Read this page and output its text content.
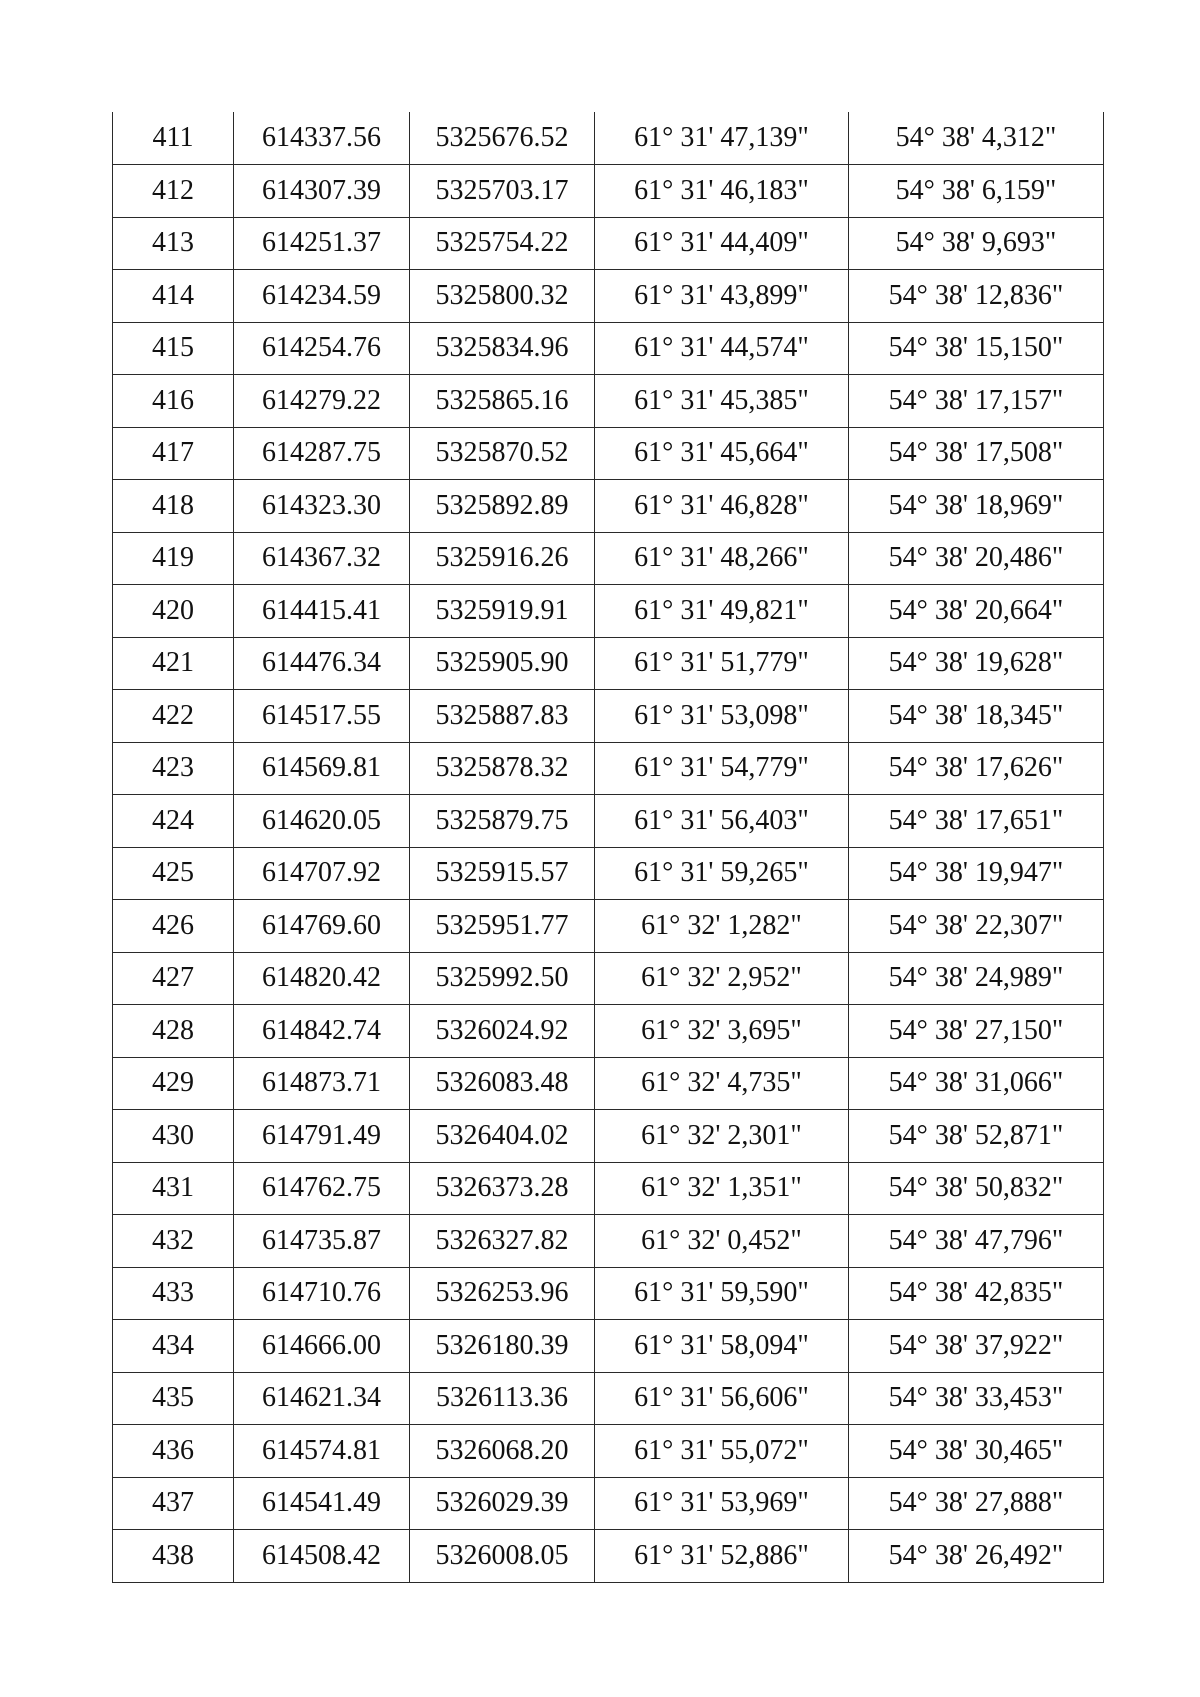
411	614337.56	5325676.52	61° 31' 47,139"	54° 38' 4,312"
412	614307.39	5325703.17	61° 31' 46,183"	54° 38' 6,159"
413	614251.37	5325754.22	61° 31' 44,409"	54° 38' 9,693"
414	614234.59	5325800.32	61° 31' 43,899"	54° 38' 12,836"
415	614254.76	5325834.96	61° 31' 44,574"	54° 38' 15,150"
416	614279.22	5325865.16	61° 31' 45,385"	54° 38' 17,157"
417	614287.75	5325870.52	61° 31' 45,664"	54° 38' 17,508"
418	614323.30	5325892.89	61° 31' 46,828"	54° 38' 18,969"
419	614367.32	5325916.26	61° 31' 48,266"	54° 38' 20,486"
420	614415.41	5325919.91	61° 31' 49,821"	54° 38' 20,664"
421	614476.34	5325905.90	61° 31' 51,779"	54° 38' 19,628"
422	614517.55	5325887.83	61° 31' 53,098"	54° 38' 18,345"
423	614569.81	5325878.32	61° 31' 54,779"	54° 38' 17,626"
424	614620.05	5325879.75	61° 31' 56,403"	54° 38' 17,651"
425	614707.92	5325915.57	61° 31' 59,265"	54° 38' 19,947"
426	614769.60	5325951.77	61° 32' 1,282"	54° 38' 22,307"
427	614820.42	5325992.50	61° 32' 2,952"	54° 38' 24,989"
428	614842.74	5326024.92	61° 32' 3,695"	54° 38' 27,150"
429	614873.71	5326083.48	61° 32' 4,735"	54° 38' 31,066"
430	614791.49	5326404.02	61° 32' 2,301"	54° 38' 52,871"
431	614762.75	5326373.28	61° 32' 1,351"	54° 38' 50,832"
432	614735.87	5326327.82	61° 32' 0,452"	54° 38' 47,796"
433	614710.76	5326253.96	61° 31' 59,590"	54° 38' 42,835"
434	614666.00	5326180.39	61° 31' 58,094"	54° 38' 37,922"
435	614621.34	5326113.36	61° 31' 56,606"	54° 38' 33,453"
436	614574.81	5326068.20	61° 31' 55,072"	54° 38' 30,465"
437	614541.49	5326029.39	61° 31' 53,969"	54° 38' 27,888"
438	614508.42	5326008.05	61° 31' 52,886"	54° 38' 26,492"
